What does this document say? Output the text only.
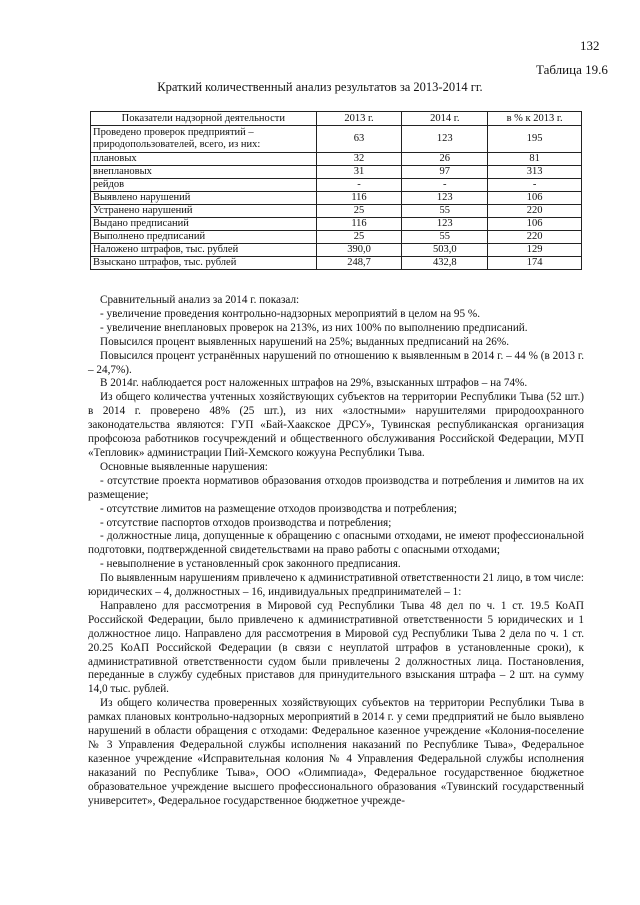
132
Таблица 19.6
Краткий количественный анализ результатов за 2013-2014 гг.
Показатели надзорной деятельности	2013 г.	2014 г.	в % к 2013 г.
Проведено проверок предприятий – природопользователей, всего, из них:	63	123	195
плановых	32	26	81
внеплановых	31	97	313
рейдов	-	-	-
Выявлено нарушений	116	123	106
Устранено нарушений	25	55	220
Выдано предписаний	116	123	106
Выполнено предписаний	25	55	220
Наложено штрафов, тыс. рублей	390,0	503,0	129
Взыскано штрафов, тыс. рублей	248,7	432,8	174

Сравнительный анализ за 2014 г. показал:

- увеличение проведения контрольно-надзорных мероприятий в целом на 95 %.

- увеличение внеплановых проверок на 213%, из них 100% по выполнению предписаний.

Повысился процент выявленных нарушений на 25%; выданных предписаний на 26%.

Повысился процент устранённых нарушений по отношению к выявленным в 2014 г. – 44 % (в 2013 г. – 24,7%).

В 2014г. наблюдается рост наложенных штрафов на 29%, взысканных штрафов – на 74%.

Из общего количества учтенных хозяйствующих субъектов на территории Республики Тыва (52 шт.) в 2014 г. проверено 48% (25 шт.), из них «злостными» нарушителями природоохранного законодательства являются: ГУП «Бай-Хаакское ДРСУ», Тувинская республиканская организация профсоюза работников госучреждений и общественного обслуживания Российской Федерации, МУП «Тепловик» администрации Пий-Хемского кожууна Республики Тыва.

Основные выявленные нарушения:

- отсутствие проекта нормативов образования отходов производства и потребления и лимитов на их размещение;

- отсутствие лимитов на размещение отходов производства и потребления;

- отсутствие паспортов отходов производства и потребления;

- должностные лица, допущенные к обращению с опасными отходами, не имеют профессиональной подготовки, подтвержденной свидетельствами на право работы с опасными отходами;

- невыполнение в установленный срок законного предписания.

По выявленным нарушениям привлечено к административной ответственности 21 лицо, в том числе: юридических – 4, должностных – 16, индивидуальных предпринимателей – 1:

Направлено для рассмотрения в Мировой суд Республики Тыва 48 дел по ч. 1 ст. 19.5 КоАП Российской Федерации, было привлечено к административной ответственности 5 юридических и 1 должностное лицо. Направлено для рассмотрения в Мировой суд Республики Тыва 2 дела по ч. 1 ст. 20.25 КоАП Российской Федерации (в связи с неуплатой штрафов в установленные сроки), к административной ответственности судом были привлечены 2 должностных лица. Постановления, переданные в службу судебных приставов для принудительного взыскания штрафа – 2 шт. на сумму 14,0 тыс. рублей.

Из общего количества проверенных хозяйствующих субъектов на территории Республики Тыва в рамках плановых контрольно-надзорных мероприятий в 2014 г. у семи предприятий не было выявлено нарушений в области обращения с отходами: Федеральное казенное учреждение «Колония-поселение № 3 Управления Федеральной службы исполнения наказаний по Республике Тыва», Федеральное казенное учреждение «Исправительная колония № 4 Управления Федеральной службы исполнения наказаний по Республике Тыва», ООО «Олимпиада», Федеральное государственное бюджетное образовательное учреждение высшего профессионального образования «Тувинский государственный университет», Федеральное государственное бюджетное учрежде-
